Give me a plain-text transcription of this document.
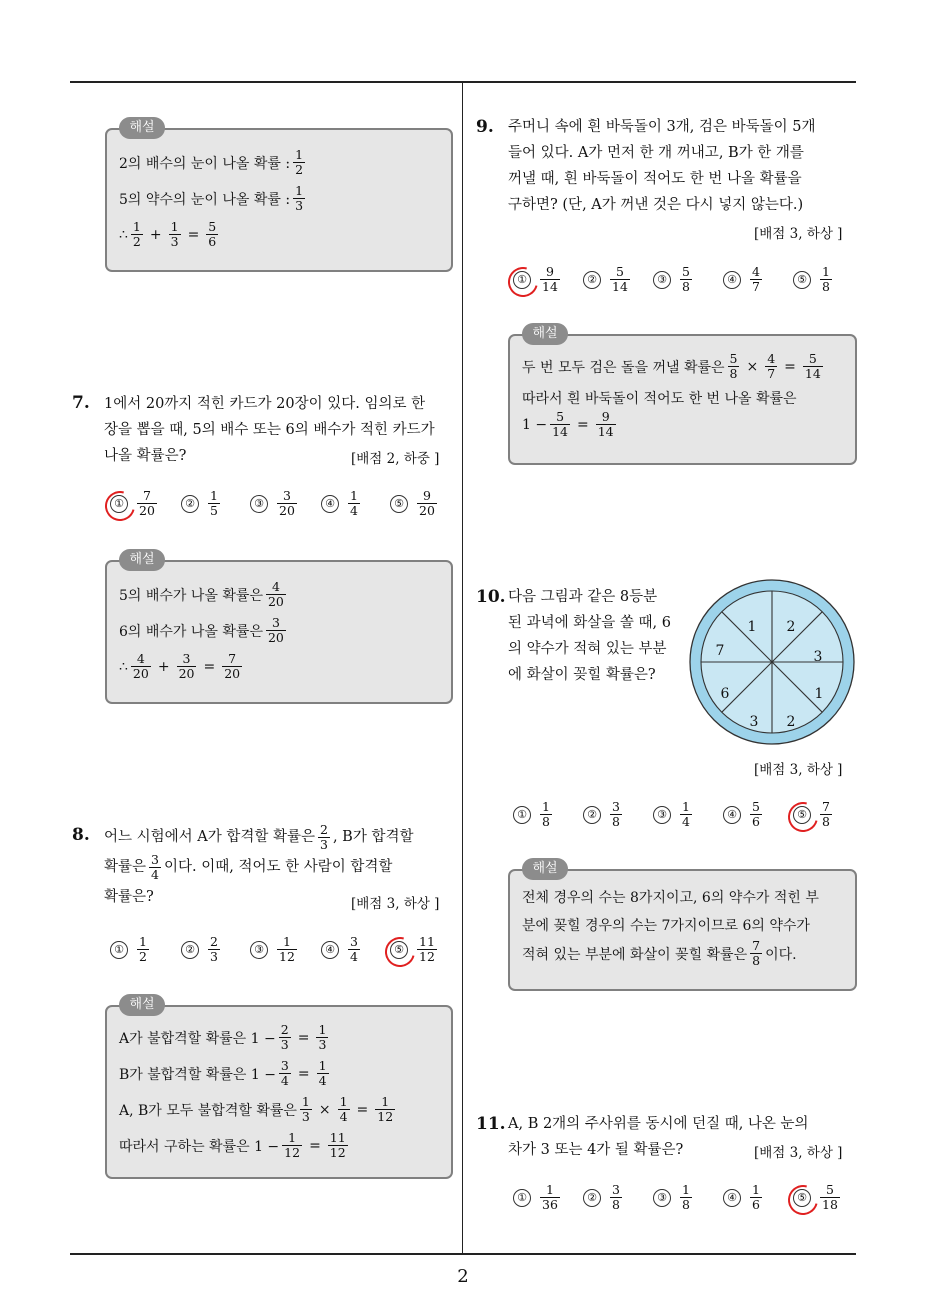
2
해설
2의 배수의 눈이 나올 확률 : $\frac{1}{2}$
5의 약수의 눈이 나올 확률 : $\frac{1}{3}$
∴ $\frac{1}{2} + \frac{1}{3} = \frac{5}{6}$
7. 1에서 20까지 적힌 카드가 20장이 있다. 임의로 한
장을 뽑을 때, 5의 배수 또는 6의 배수가 적힌 카드가
나올 확률은?	[배점 2, 하중 ]
①	$\frac{7}{20}$	②	$\frac{1}{5}$	③	$\frac{3}{20}$	④	$\frac{1}{4}$	⑤	$\frac{9}{20}$
해설
5의 배수가 나올 확률은 $\frac{4}{20}$
6의 배수가 나올 확률은 $\frac{3}{20}$
∴ $\frac{4}{20} + \frac{3}{20} = \frac{7}{20}$
8. 어느 시험에서 A가 합격할 확률은 $\frac{2}{3}$ , B가 합격할
확률은 $\frac{3}{4}$ 이다. 이때, 적어도 한 사람이 합격할
확률은?	[배점 3, 하상 ]
①	$\frac{1}{2}$	②	$\frac{2}{3}$	③	$\frac{1}{12}$	④	$\frac{3}{4}$	⑤	$\frac{11}{12}$
해설
A가 불합격할 확률은 $1 - \frac{2}{3} = \frac{1}{3}$
B가 불합격할 확률은 $1 - \frac{3}{4} = \frac{1}{4}$
A, B가 모두 불합격할 확률은 $\frac{1}{3} \times \frac{1}{4} = \frac{1}{12}$
따라서 구하는 확률은 $1 - \frac{1}{12} = \frac{11}{12}$
9. 주머니 속에 흰 바둑돌이 3개, 검은 바둑돌이 5개
들어 있다. A가 먼저 한 개 꺼내고, B가 한 개를
꺼낼 때, 흰 바둑돌이 적어도 한 번 나올 확률을
구하면? (단, A가 꺼낸 것은 다시 넣지 않는다.)
[배점 3, 하상 ]
①	$\frac{9}{14}$	②	$\frac{5}{14}$	③	$\frac{5}{8}$	④	$\frac{4}{7}$	⑤	$\frac{1}{8}$
해설
두 번 모두 검은 돌을 꺼낼 확률은 $\frac{5}{8} \times \frac{4}{7} = \frac{5}{14}$
따라서 흰 바둑돌이 적어도 한 번 나올 확률은
$1 - \frac{5}{14} = \frac{9}{14}$
10. 다음 그림과 같은 8등분
된 과녁에 화살을 쏠 때, 6
의 약수가 적혀 있는 부분
에 화살이 꽂힐 확률은?
1 2
3
1
2
3
6
7
[배점 3, 하상 ]
①	$\frac{1}{8}$	②	$\frac{3}{8}$	③	$\frac{1}{4}$	④	$\frac{5}{6}$	⑤	$\frac{7}{8}$
해설
전체 경우의 수는 8가지이고, 6의 약수가 적힌 부
분에 꽂힐 경우의 수는 7가지이므로 6의 약수가
적혀 있는 부분에 화살이 꽂힐 확률은 $\frac{7}{8}$ 이다.
11. A, B 2개의 주사위를 동시에 던질 때, 나온 눈의
차가 3 또는 4가 될 확률은?	[배점 3, 하상 ]
①	$\frac{1}{36}$	②	$\frac{3}{8}$	③	$\frac{1}{8}$	④	$\frac{1}{6}$	⑤	$\frac{5}{18}$
